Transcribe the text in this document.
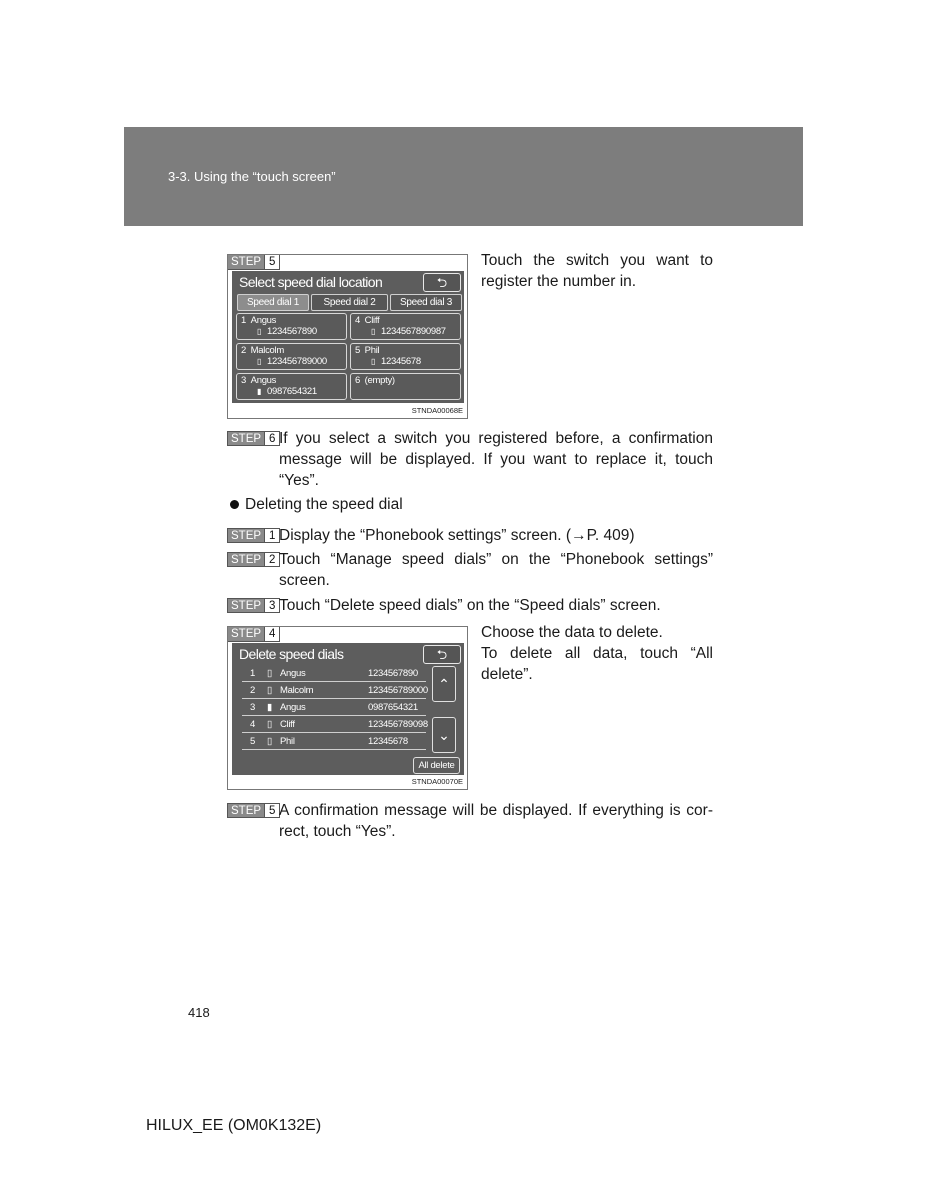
3-3. Using the “touch screen”
STEP 5
Select speed dial location	⮌
Speed dial 1	Speed dial 2	Speed dial 3
1 Angus
▯ 1234567890
4 Cliff
▯ 1234567890987
2 Malcolm
▯ 123456789000
5 Phil
▯ 12345678
3 Angus
▮ 0987654321
6 (empty)
STNDA00068E
Touch the switch you want to register the number in.
STEP 6 If you select a switch you registered before, a confirmation message will be displayed. If you want to replace it, touch “Yes”.
Deleting the speed dial
STEP 1 Display the “Phonebook settings” screen. (→P. 409)
STEP 2 Touch “Manage speed dials” on the “Phonebook settings” screen.
STEP 3 Touch “Delete speed dials” on the “Speed dials” screen.
STEP 4
Delete speed dials	⮌
1 ▯ Angus	1234567890
2 ▯ Malcolm	123456789000
3 ▮ Angus	0987654321
4 ▯ Cliff	123456789098
5 ▯ Phil	12345678
⌃
⌄
All delete
STNDA00070E
Choose the data to delete.
To delete all data, touch “All delete”.
STEP 5 A confirmation message will be displayed. If everything is cor-rect, touch “Yes”.
418
HILUX_EE (OM0K132E)
